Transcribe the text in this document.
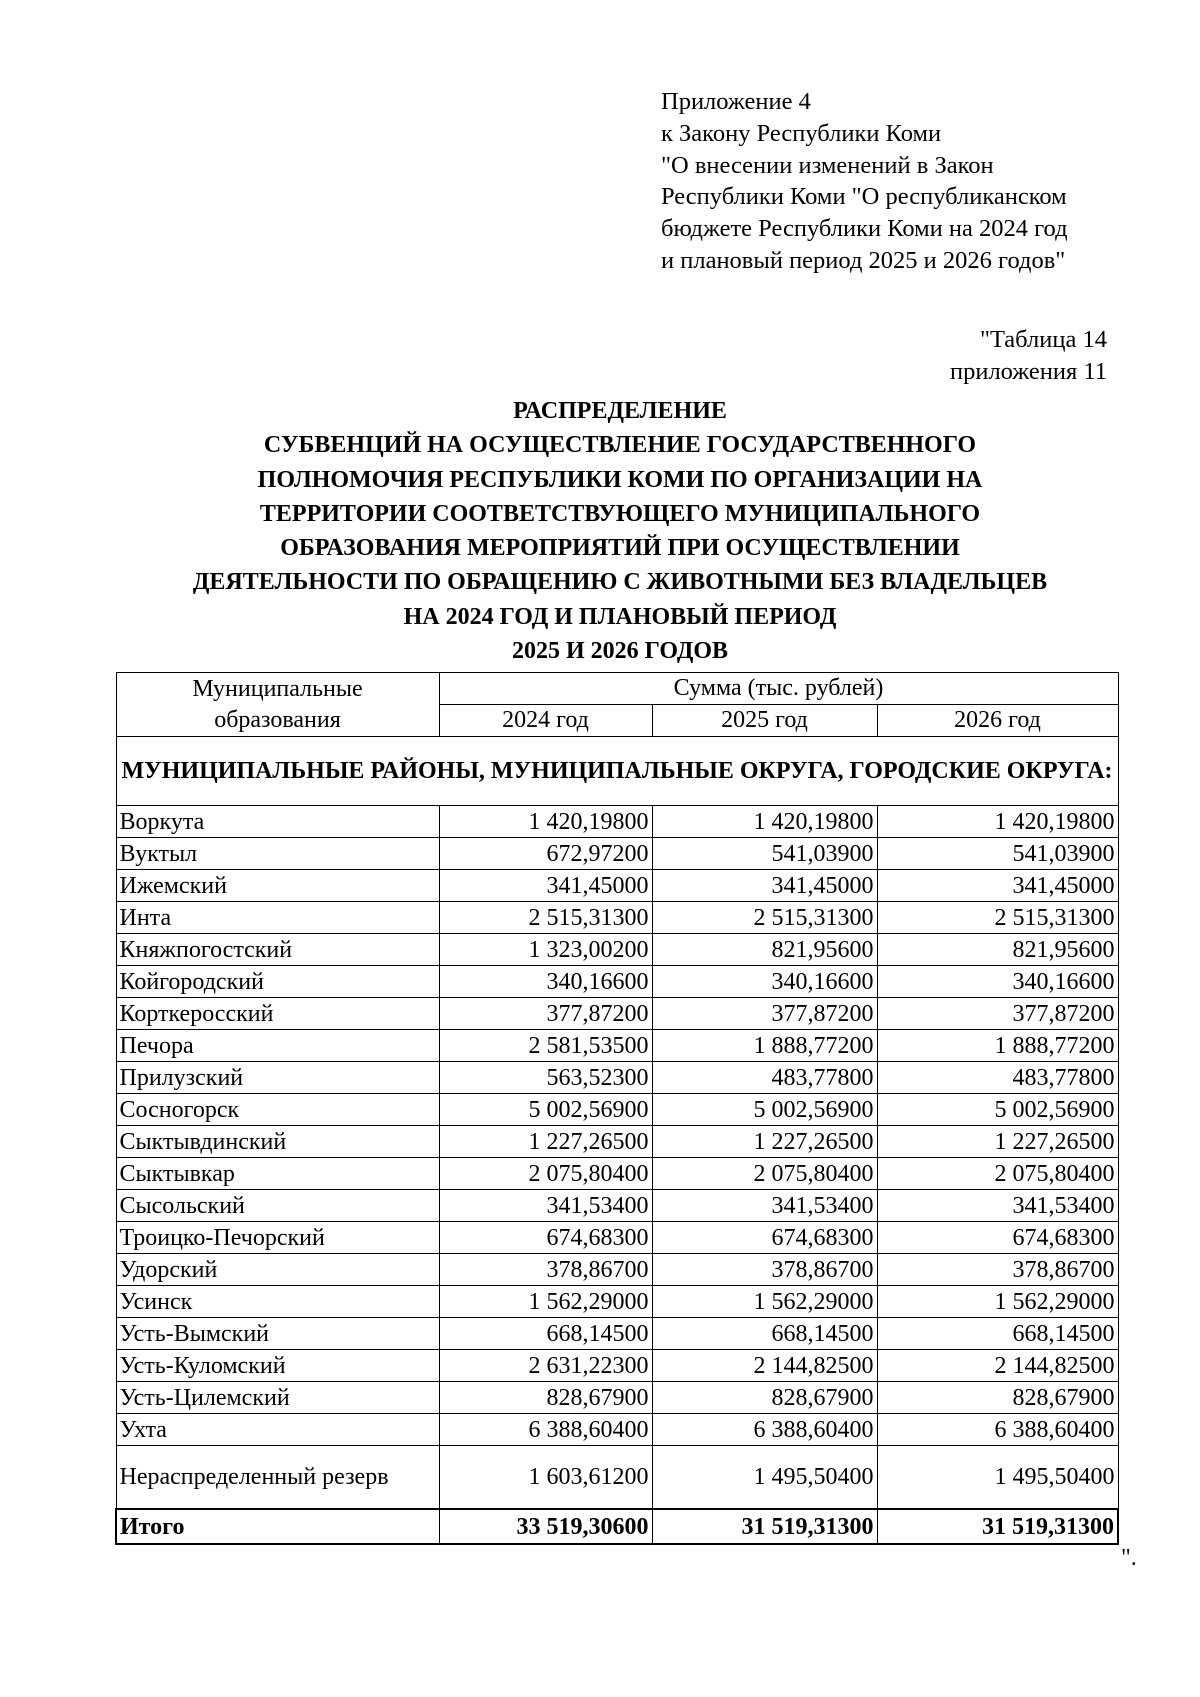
Приложение 4
к Закону Республики Коми
"О внесении изменений в Закон
Республики Коми "О республиканском
бюджете Республики Коми на 2024 год
и плановый период 2025 и 2026 годов"
"Таблица 14
приложения 11
РАСПРЕДЕЛЕНИЕ
СУБВЕНЦИЙ НА ОСУЩЕСТВЛЕНИЕ ГОСУДАРСТВЕННОГО
ПОЛНОМОЧИЯ РЕСПУБЛИКИ КОМИ ПО ОРГАНИЗАЦИИ НА
ТЕРРИТОРИИ СООТВЕТСТВУЮЩЕГО МУНИЦИПАЛЬНОГО
ОБРАЗОВАНИЯ МЕРОПРИЯТИЙ ПРИ ОСУЩЕСТВЛЕНИИ
ДЕЯТЕЛЬНОСТИ ПО ОБРАЩЕНИЮ С ЖИВОТНЫМИ БЕЗ ВЛАДЕЛЬЦЕВ
НА 2024 ГОД И ПЛАНОВЫЙ ПЕРИОД
2025 И 2026 ГОДОВ
Муниципальные
образования	Сумма (тыс. рублей)		
	2024 год	2025 год	2026 год
МУНИЦИПАЛЬНЫЕ РАЙОНЫ, МУНИЦИПАЛЬНЫЕ ОКРУГА, ГОРОДСКИЕ ОКРУГА:			
Воркута	1 420,19800	1 420,19800	1 420,19800
Вуктыл	672,97200	541,03900	541,03900
Ижемский	341,45000	341,45000	341,45000
Инта	2 515,31300	2 515,31300	2 515,31300
Княжпогостский	1 323,00200	821,95600	821,95600
Койгородский	340,16600	340,16600	340,16600
Корткеросский	377,87200	377,87200	377,87200
Печора	2 581,53500	1 888,77200	1 888,77200
Прилузский	563,52300	483,77800	483,77800
Сосногорск	5 002,56900	5 002,56900	5 002,56900
Сыктывдинский	1 227,26500	1 227,26500	1 227,26500
Сыктывкар	2 075,80400	2 075,80400	2 075,80400
Сысольский	341,53400	341,53400	341,53400
Троицко-Печорский	674,68300	674,68300	674,68300
Удорский	378,86700	378,86700	378,86700
Усинск	1 562,29000	1 562,29000	1 562,29000
Усть-Вымский	668,14500	668,14500	668,14500
Усть-Куломский	2 631,22300	2 144,82500	2 144,82500
Усть-Цилемский	828,67900	828,67900	828,67900
Ухта	6 388,60400	6 388,60400	6 388,60400
Нераспределенный резерв	1 603,61200	1 495,50400	1 495,50400
Итого	33 519,30600	31 519,31300	31 519,31300
".
